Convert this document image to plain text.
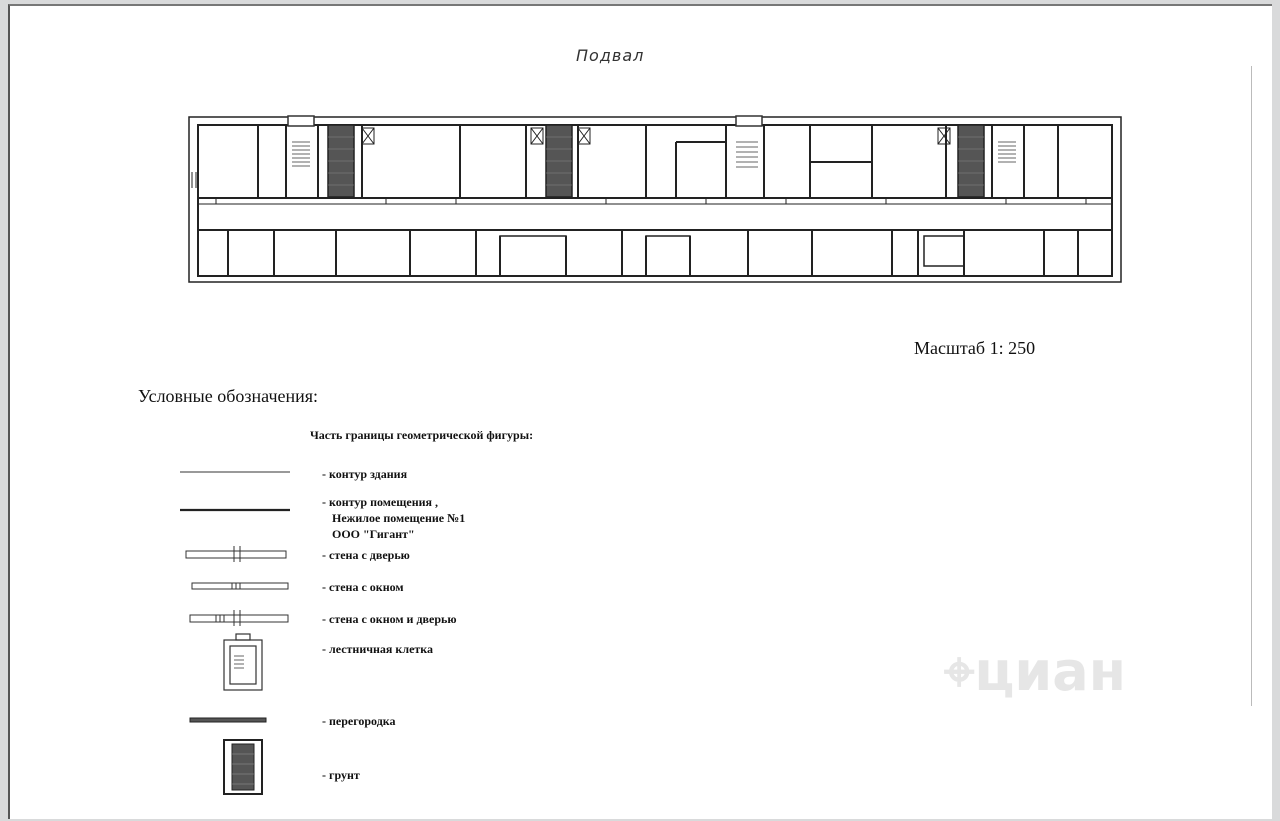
Подвал
Масштаб 1: 250
Условные обозначения:
Часть границы геометрической фигуры:
- контур здания
- контур помещения ,
Нежилое помещение №1
ООО "Гигант"
- стена с дверью
- стена с окном
- стена с окном и дверью
- лестничная клетка
- перегородка
- грунт
⌖циан
